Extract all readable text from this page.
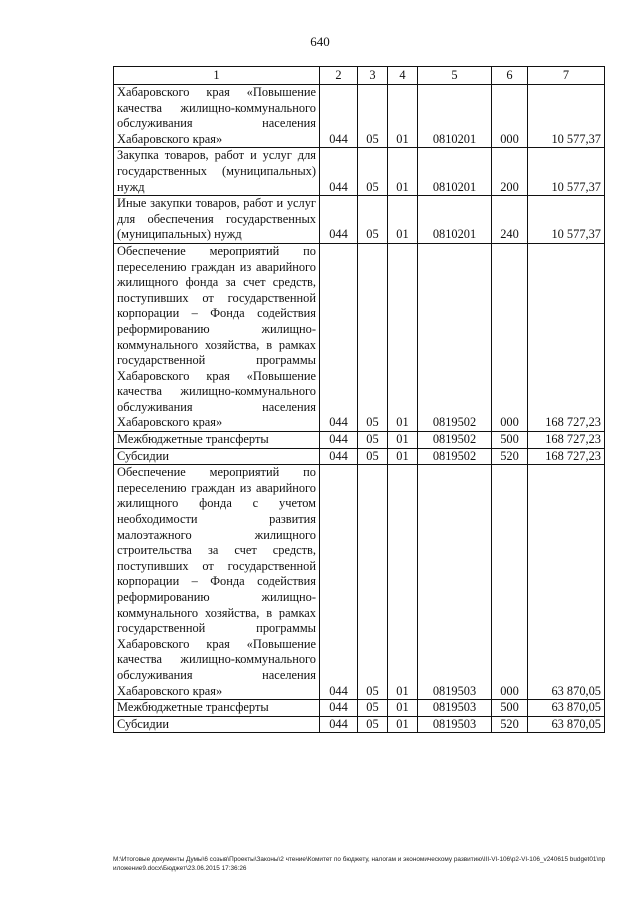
640
1	2	3	4	5	6	7
Хабаровского края «Повышение качества жилищно-коммунального обслуживания населения Хабаровского края»	044	05	01	0810201	000	10 577,37
Закупка товаров, работ и услуг для государственных (муниципальных) нужд	044	05	01	0810201	200	10 577,37
Иные закупки товаров, работ и услуг для обеспечения государственных (муниципальных) нужд	044	05	01	0810201	240	10 577,37
Обеспечение мероприятий по переселению граждан из аварийного жилищного фонда за счет средств, поступивших от государственной корпорации – Фонда содействия реформированию жилищно-коммунального хозяйства, в рамках государственной программы Хабаровского края «Повышение качества жилищно-коммунального обслуживания населения Хабаровского края»	044	05	01	0819502	000	168 727,23
Межбюджетные трансферты	044	05	01	0819502	500	168 727,23
Субсидии	044	05	01	0819502	520	168 727,23
Обеспечение мероприятий по переселению граждан из аварийного жилищного фонда с учетом необходимости развития малоэтажного жилищного строительства за счет средств, поступивших от государственной корпорации – Фонда содействия реформированию жилищно-коммунального хозяйства, в рамках государственной программы Хабаровского края «Повышение качества жилищно-коммунального обслуживания населения Хабаровского края»	044	05	01	0819503	000	63 870,05
Межбюджетные трансферты	044	05	01	0819503	500	63 870,05
Субсидии	044	05	01	0819503	520	63 870,05
M:\Итоговые документы Думы\6 созыв\Проекты\Законы\2 чтение\Комитет по бюджету, налогам и экономическому развитию\III-VI-106\p2-VI-106_v240615 budget01\приложение9.docx\Бюджет\23.06.2015 17:36:26
